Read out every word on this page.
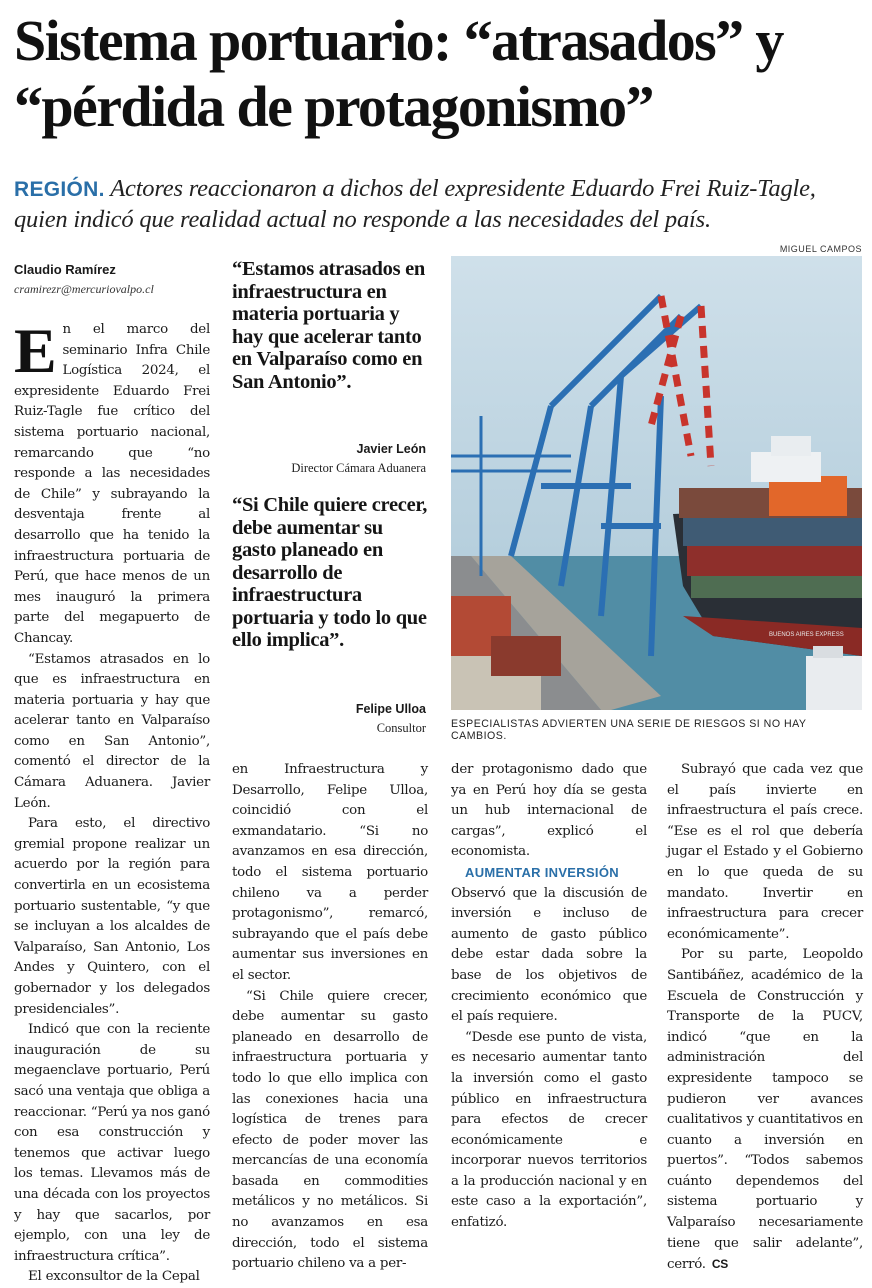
Sistema portuario: “atrasados” y “pérdida de protagonismo”

REGIÓN. Actores reaccionaron a dichos del expresidente Eduardo Frei Ruiz-Tagle, quien indicó que realidad actual no responde a las necesidades del país.

MIGUEL CAMPOS
Claudio Ramírez
cramirezr@mercuriovalpo.cl

En el marco del seminario Infra Chile Logística 2024, el expresidente Eduardo Frei Ruiz-Tagle fue crítico del sistema portuario nacional, remarcando que “no responde a las necesidades de Chile” y subrayando la desventaja frente al desarrollo que ha tenido la infraestructura portuaria de Perú, que hace menos de un mes inauguró la primera parte del megapuerto de Chancay.

“Estamos atrasados en lo que es infraestructura en materia portuaria y hay que acelerar tanto en Valparaíso como en San Antonio”, comentó el director de la Cámara Aduanera. Javier León.

Para esto, el directivo gremial propone realizar un acuerdo por la región para convertirla en un ecosistema portuario sustentable, “y que se incluyan a los alcaldes de Valparaíso, San Antonio, Los Andes y Quintero, con el gobernador y los delegados presidenciales”.

Indicó que con la reciente inauguración de su megaenclave portuario, Perú sacó una ventaja que obliga a reaccionar. “Perú ya nos ganó con esa construcción y tenemos que activar luego los temas. Llevamos más de una década con los proyectos y hay que sacarlos, por ejemplo, con una ley de infraestructura crítica”.

El exconsultor de la Cepal

“Estamos atrasados en infraestructura en materia portuaria y hay que acelerar tanto en Valparaíso como en San Antonio”.

Javier León
Director Cámara Aduanera

“Si Chile quiere crecer, debe aumentar su gasto planeado en desarrollo de infraestructura portuaria y todo lo que ello implica”.

Felipe Ulloa
Consultor
BUENOS AIRES EXPRESS
ESPECIALISTAS ADVIERTEN UNA SERIE DE RIESGOS SI NO HAY CAMBIOS.

en Infraestructura y Desarrollo, Felipe Ulloa, coincidió con el exmandatario. “Si no avanzamos en esa dirección, todo el sistema portuario chileno va a perder protagonismo”, remarcó, subrayando que el país debe aumentar sus inversiones en el sector.

“Si Chile quiere crecer, debe aumentar su gasto planeado en desarrollo de infraestructura portuaria y todo lo que ello implica con las conexiones hacia una logística de trenes para efecto de poder mover las mercancías de una economía basada en commodities metálicos y no metálicos. Si no avanzamos en esa dirección, todo el sistema portuario chileno va a per-

der protagonismo dado que ya en Perú hoy día se gesta un hub internacional de cargas”, explicó el economista.

AUMENTAR INVERSIÓN

Observó que la discusión de inversión e incluso de aumento de gasto público debe estar dada sobre la base de los objetivos de crecimiento económico que el país requiere.

“Desde ese punto de vista, es necesario aumentar tanto la inversión como el gasto público en infraestructura para efectos de crecer económicamente e incorporar nuevos territorios a la producción nacional y en este caso a la exportación”, enfatizó.

Subrayó que cada vez que el país invierte en infraestructura el país crece. “Ese es el rol que debería jugar el Estado y el Gobierno en lo que queda de su mandato. Invertir en infraestructura para crecer económicamente”.

Por su parte, Leopoldo Santibáñez, académico de la Escuela de Construcción y Transporte de la PUCV, indicó “que en la administración del expresidente tampoco se pudieron ver avances cualitativos y cuantitativos en cuanto a inversión en puertos”. “Todos sabemos cuánto dependemos del sistema portuario y Valparaíso necesariamente tiene que salir adelante”, cerró. CS
